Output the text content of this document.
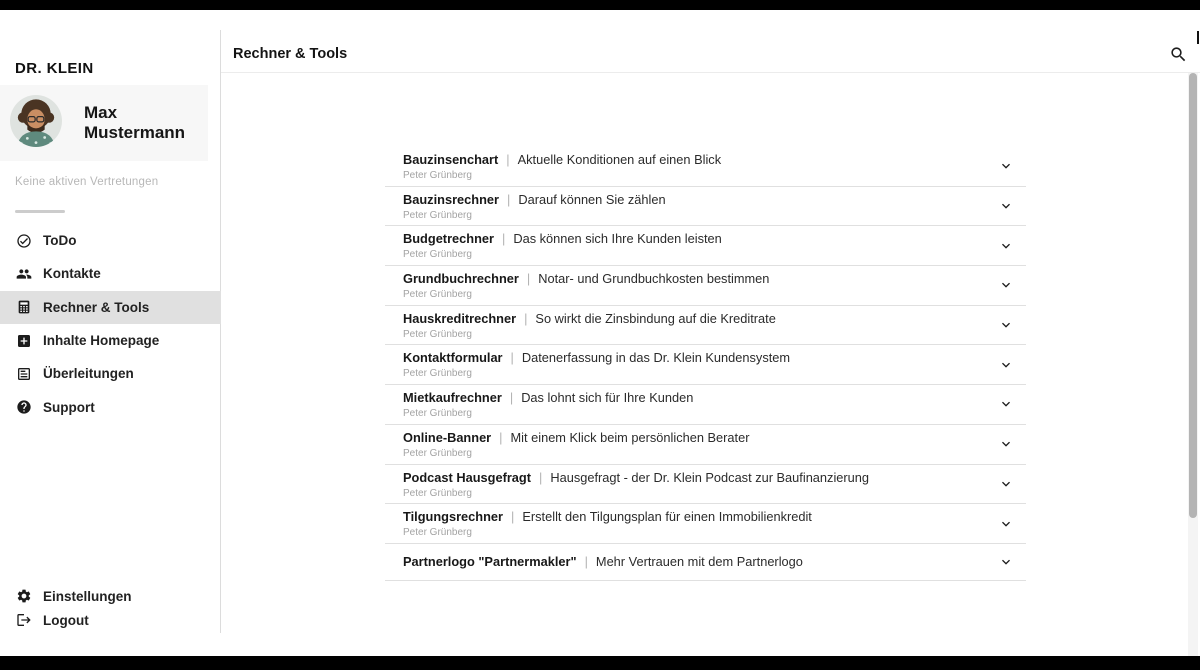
DR. KLEIN
Max Mustermann
Keine aktiven Vertretungen
ToDo
Kontakte
Rechner & Tools
Inhalte Homepage
Überleitungen
Support
Einstellungen
Logout
Rechner & Tools
Bauzinsenchart | Aktuelle Konditionen auf einen Blick
Peter Grünberg
Bauzinsrechner | Darauf können Sie zählen
Peter Grünberg
Budgetrechner | Das können sich Ihre Kunden leisten
Peter Grünberg
Grundbuchrechner | Notar- und Grundbuchkosten bestimmen
Peter Grünberg
Hauskreditrechner | So wirkt die Zinsbindung auf die Kreditrate
Peter Grünberg
Kontaktformular | Datenerfassung in das Dr. Klein Kundensystem
Peter Grünberg
Mietkaufrechner | Das lohnt sich für Ihre Kunden
Peter Grünberg
Online-Banner | Mit einem Klick beim persönlichen Berater
Peter Grünberg
Podcast Hausgefragt | Hausgefragt - der Dr. Klein Podcast zur Baufinanzierung
Peter Grünberg
Tilgungsrechner | Erstellt den Tilgungsplan für einen Immobilienkredit
Peter Grünberg
Partnerlogo "Partnermakler" | Mehr Vertrauen mit dem Partnerlogo
